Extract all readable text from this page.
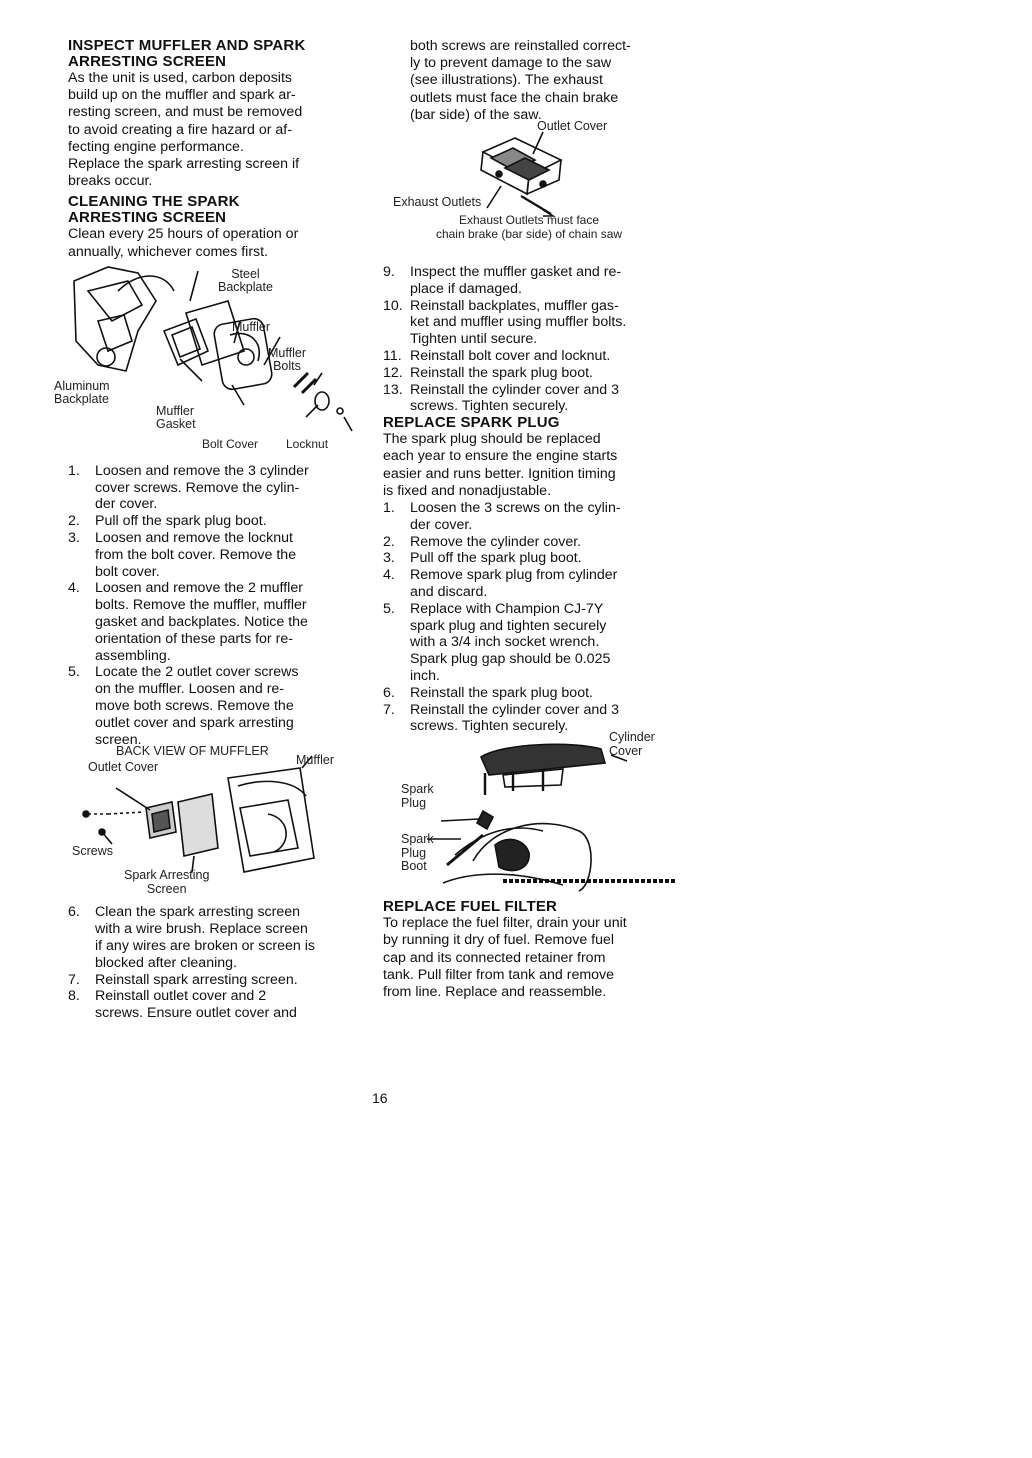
INSPECT MUFFLER AND SPARK
ARRESTING SCREEN

As the unit is used, carbon deposits
build up on the muffler and spark ar-
resting screen, and must be removed
to avoid creating a fire hazard or af-
fecting engine performance.

Replace the spark arresting screen if
breaks occur.

CLEANING THE SPARK
ARRESTING SCREEN

Clean every 25 hours of operation or
annually, whichever comes first.

Steel
Backplate
Muffler
Muffler
Bolts
Aluminum
Backplate
Muffler
Gasket
Bolt Cover Locknut
1. Loosen and remove the 3 cylinder
cover screws. Remove the cylin-
der cover.
2. Pull off the spark plug boot.
3. Loosen and remove the locknut
from the bolt cover. Remove the
bolt cover.
4. Loosen and remove the 2 muffler
bolts. Remove the muffler, muffler
gasket and backplates. Notice the
orientation of these parts for re-
assembling.
5. Locate the 2 outlet cover screws
on the muffler. Loosen and re-
move both screws. Remove the
outlet cover and spark arresting
screen.
BACK VIEW OF MUFFLER
Outlet Cover	Muffler
Screws
Spark Arresting
Screen
6. Clean the spark arresting screen
with a wire brush. Replace screen
if any wires are broken or screen is
blocked after cleaning.
7. Reinstall spark arresting screen.
8. Reinstall outlet cover and 2
screws. Ensure outlet cover and

both screws are reinstalled correct-
ly to prevent damage to the saw
(see illustrations). The exhaust
outlets must face the chain brake
(bar side) of the saw.

Outlet Cover
Exhaust Outlets
Exhaust Outlets must face
chain brake (bar side) of chain saw
9. Inspect the muffler gasket and re-
place if damaged.
10. Reinstall backplates, muffler gas-
ket and muffler using muffler bolts.
Tighten until secure.
11. Reinstall bolt cover and locknut.
12. Reinstall the spark plug boot.
13. Reinstall the cylinder cover and 3
screws. Tighten securely.
REPLACE SPARK PLUG

The spark plug should be replaced
each year to ensure the engine starts
easier and runs better. Ignition timing
is fixed and nonadjustable.

1. Loosen the 3 screws on the cylin-
der cover.
2. Remove the cylinder cover.
3. Pull off the spark plug boot.
4. Remove spark plug from cylinder
and discard.
5. Replace with Champion CJ-7Y
spark plug and tighten securely
with a 3/4 inch socket wrench.
Spark plug gap should be 0.025
inch.
6. Reinstall the spark plug boot.
7. Reinstall the cylinder cover and 3
screws. Tighten securely.
Cylinder
Cover
Spark
Plug
Spark
Plug
Boot
REPLACE FUEL FILTER

To replace the fuel filter, drain your unit
by running it dry of fuel. Remove fuel
cap and its connected retainer from
tank. Pull filter from tank and remove
from line. Replace and reassemble.

16
